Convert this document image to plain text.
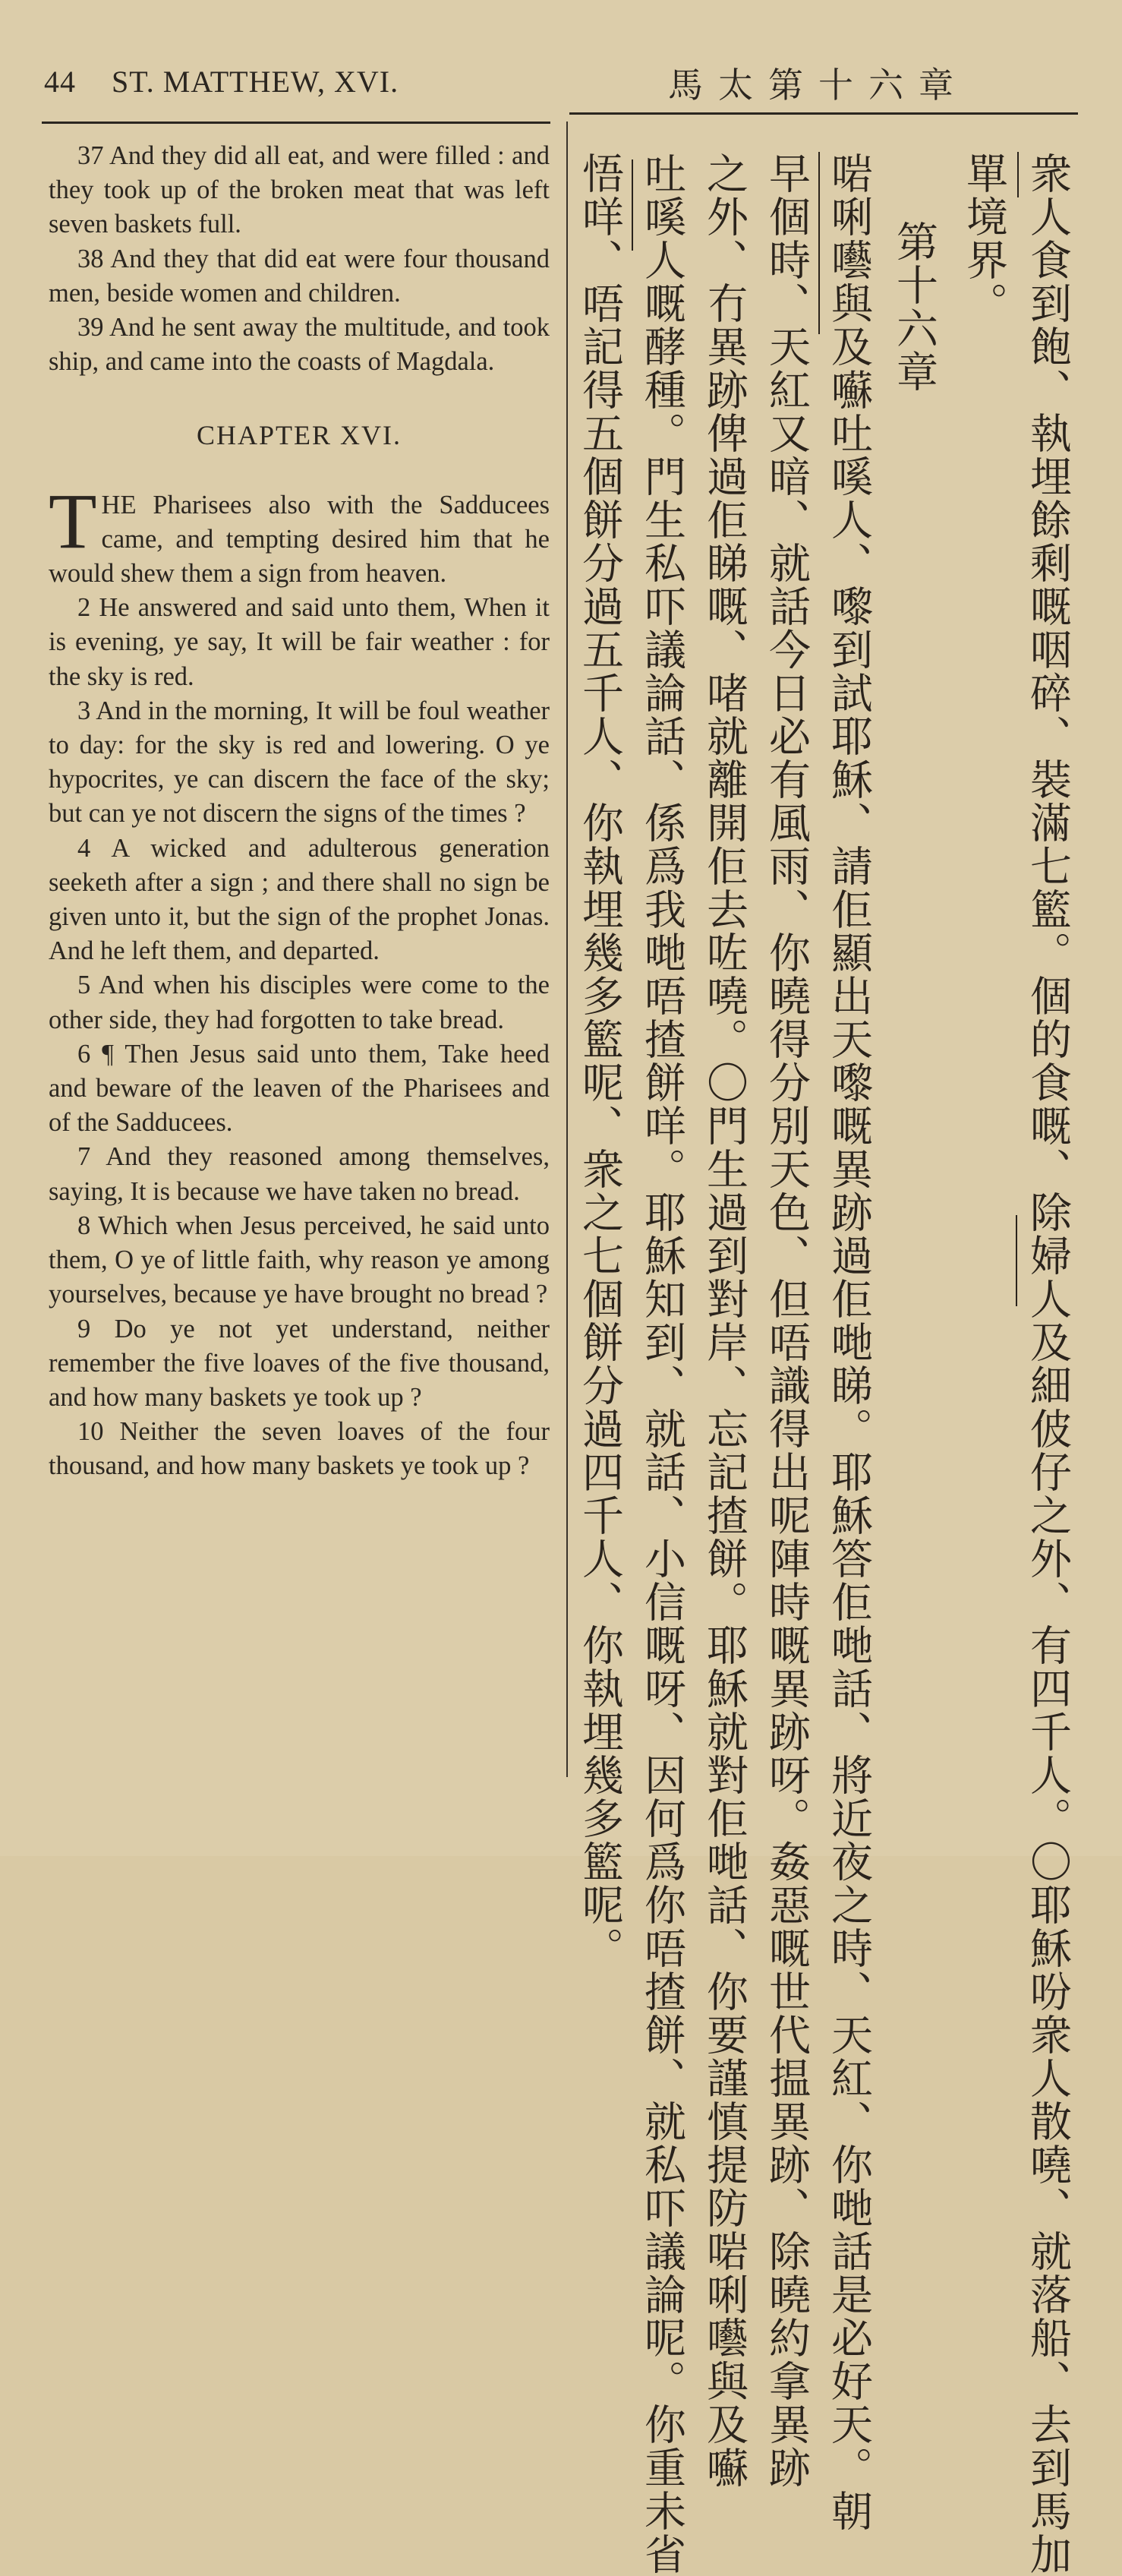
44 ST. MATTHEW, XVI.	馬太第十六章

37 And they did all eat, and were filled : and they took up of the broken meat that was left seven baskets full.

38 And they that did eat were four thousand men, beside women and children.

39 And he sent away the multitude, and took ship, and came into the coasts of Magdala.

CHAPTER XVI.

THE Pharisees also with the Sadducees came, and tempting desired him that he would shew them a sign from heaven.

2 He answered and said unto them, When it is evening, ye say, It will be fair weather : for the sky is red.

3 And in the morning, It will be foul weather to day: for the sky is red and lowering. O ye hypocrites, ye can discern the face of the sky; but can ye not discern the signs of the times ?

4 A wicked and adulterous generation seeketh after a sign ; and there shall no sign be given unto it, but the sign of the prophet Jonas. And he left them, and departed.

5 And when his disciples were come to the other side, they had forgotten to take bread.

6 ¶ Then Jesus said unto them, Take heed and beware of the leaven of the Pharisees and of the Sadducees.

7 And they reasoned among themselves, saying, It is because we have taken no bread.

8 Which when Jesus perceived, he said unto them, O ye of little faith, why reason ye among yourselves, because ye have brought no bread ?

9 Do ye not yet understand, neither remember the five loaves of the five thousand, and how many baskets ye took up ?

10 Neither the seven loaves of the four thousand, and how many baskets ye took up ?	衆人食到飽、執埋餘剩嘅咽碎、裝滿七籃。個的食嘅、除婦人及細佊仔之外、有四千人。〇耶穌吩衆人散嘵、就落船、去到馬加
單境界。
第十六章
啱唎囈與及囌吐嗘人、嚟到試耶穌、請佢顯出天嚟嘅異跡過佢哋睇。耶穌答佢哋話、將近夜之時、天紅、你哋話是必好天。朝
早個時、天紅又暗、就話今日必有風雨、你曉得分別天色、但唔識得出呢陣時嘅異跡呀。姦惡嘅世代揾異跡、除曉約拿異跡
之外、冇異跡俾過佢睇嘅、啫就離開佢去咗嘵。〇門生過到對岸、忘記揸餅。耶穌就對佢哋話、你要謹慎提防啱唎囈與及囌
吐嗘人嘅酵種。門生私吓議論話、係爲我哋唔揸餅咩。耶穌知到、就話、小信嘅呀、因何爲你唔揸餅、就私吓議論呢。你重未省
悟咩、唔記得五個餅分過五千人、你執埋幾多籃呢、衆之七個餅分過四千人、你執埋幾多籃呢。
